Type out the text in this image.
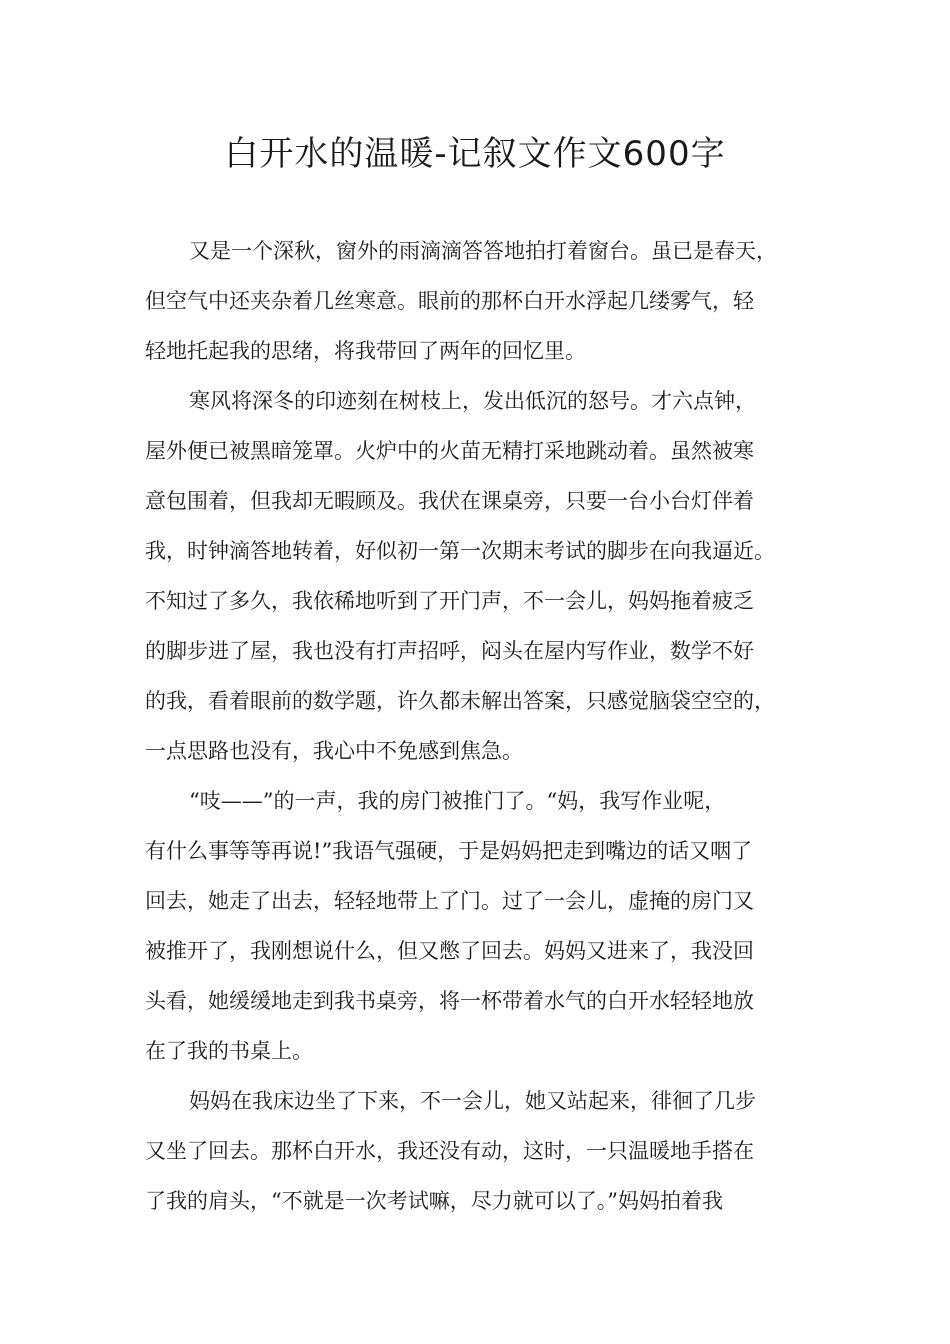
白开水的温暖-记叙文作文600字
又是一个深秋，窗外的雨滴滴答答地拍打着窗台。虽已是春天，
但空气中还夹杂着几丝寒意。眼前的那杯白开水浮起几缕雾气，轻
轻地托起我的思绪，将我带回了两年的回忆里。
寒风将深冬的印迹刻在树枝上，发出低沉的怒号。才六点钟，
屋外便已被黑暗笼罩。火炉中的火苗无精打采地跳动着。虽然被寒
意包围着，但我却无暇顾及。我伏在课桌旁，只要一台小台灯伴着
我，时钟滴答地转着，好似初一第一次期末考试的脚步在向我逼近。
不知过了多久，我依稀地听到了开门声，不一会儿，妈妈拖着疲乏
的脚步进了屋，我也没有打声招呼，闷头在屋内写作业，数学不好
的我，看着眼前的数学题，许久都未解出答案，只感觉脑袋空空的，
一点思路也没有，我心中不免感到焦急。
“吱——”的一声，我的房门被推门了。“妈，我写作业呢，
有什么事等等再说!”我语气强硬，于是妈妈把走到嘴边的话又咽了
回去，她走了出去，轻轻地带上了门。过了一会儿，虚掩的房门又
被推开了，我刚想说什么，但又憋了回去。妈妈又进来了，我没回
头看，她缓缓地走到我书桌旁，将一杯带着水气的白开水轻轻地放
在了我的书桌上。
妈妈在我床边坐了下来，不一会儿，她又站起来，徘徊了几步
又坐了回去。那杯白开水，我还没有动，这时，一只温暖地手搭在
了我的肩头，“不就是一次考试嘛，尽力就可以了。”妈妈拍着我
